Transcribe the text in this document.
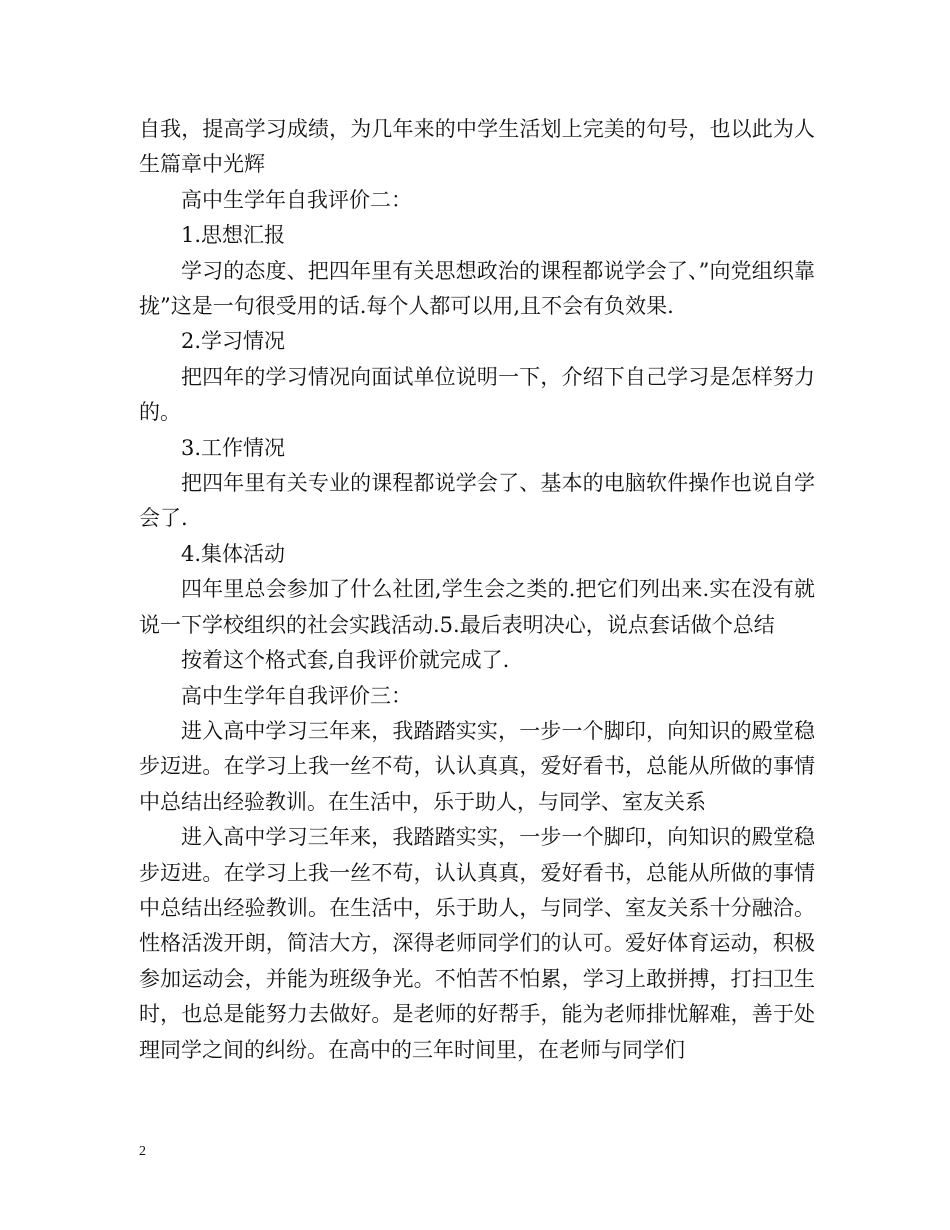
自我，提高学习成绩，为几年来的中学生活划上完美的句号，也以此为人生篇章中光辉

高中生学年自我评价二：

1.思想汇报

学习的态度、把四年里有关思想政治的课程都说学会了、”向党组织靠拢”这是一句很受用的话.每个人都可以用,且不会有负效果.

2.学习情况

把四年的学习情况向面试单位说明一下，介绍下自己学习是怎样努力的。

3.工作情况

把四年里有关专业的课程都说学会了、基本的电脑软件操作也说自学会了.

4.集体活动

四年里总会参加了什么社团,学生会之类的.把它们列出来.实在没有就说一下学校组织的社会实践活动.5.最后表明决心，说点套话做个总结

按着这个格式套,自我评价就完成了.

高中生学年自我评价三：

进入高中学习三年来，我踏踏实实，一步一个脚印，向知识的殿堂稳步迈进。在学习上我一丝不苟，认认真真，爱好看书，总能从所做的事情中总结出经验教训。在生活中，乐于助人，与同学、室友关系

进入高中学习三年来，我踏踏实实，一步一个脚印，向知识的殿堂稳步迈进。在学习上我一丝不苟，认认真真，爱好看书，总能从所做的事情中总结出经验教训。在生活中，乐于助人，与同学、室友关系十分融洽。性格活泼开朗，简洁大方，深得老师同学们的认可。爱好体育运动，积极参加运动会，并能为班级争光。不怕苦不怕累，学习上敢拼搏，打扫卫生时，也总是能努力去做好。是老师的好帮手，能为老师排忧解难，善于处理同学之间的纠纷。在高中的三年时间里，在老师与同学们

2
